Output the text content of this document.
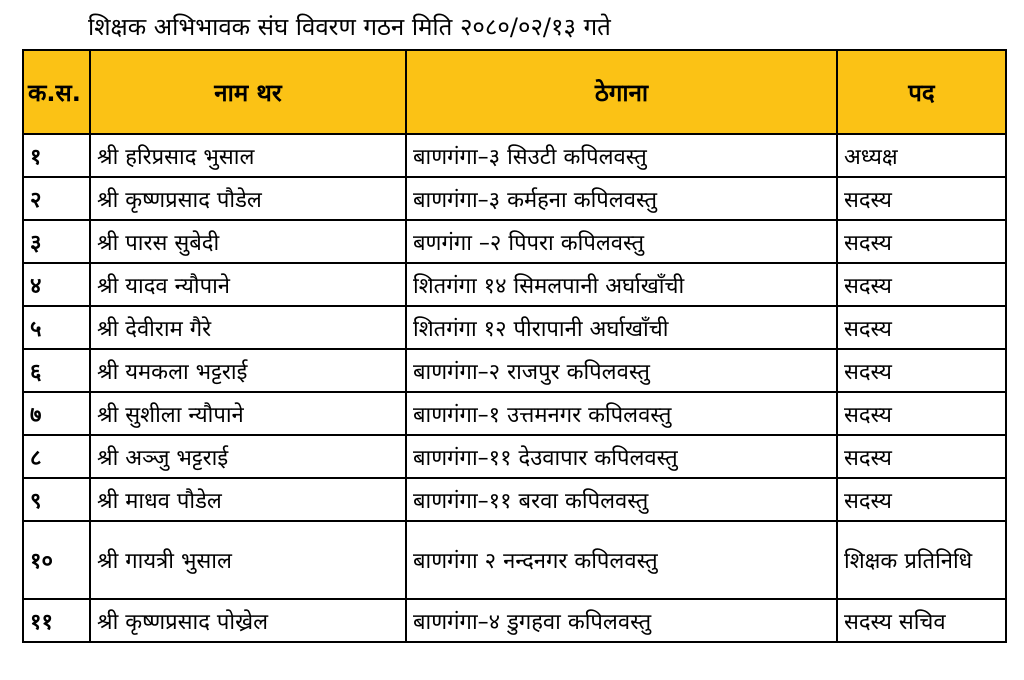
शिक्षक अभिभावक संघ विवरण गठन मिति २०८०/०२/१३ गते
क.स.	नाम थर	ठेगाना	पद
१	श्री हरिप्रसाद भुसाल	बाणगंगा–३ सिउटी कपिलवस्तु	अध्यक्ष
२	श्री कृष्णप्रसाद पौडेल	बाणगंगा–३ कर्महना कपिलवस्तु	सदस्य
३	श्री पारस सुबेदी	बणगंगा –२ पिपरा कपिलवस्तु	सदस्य
४	श्री यादव न्यौपाने	शितगंगा १४ सिमलपानी अर्घाखाँची	सदस्य
५	श्री देवीराम गैरे	शितगंगा १२ पीरापानी अर्घाखाँची	सदस्य
६	श्री यमकला भट्टराई	बाणगंगा–२ राजपुर कपिलवस्तु	सदस्य
७	श्री सुशीला न्यौपाने	बाणगंगा–१ उत्तमनगर कपिलवस्तु	सदस्य
८	श्री अञ्जु भट्टराई	बाणगंगा–११ देउवापार कपिलवस्तु	सदस्य
९	श्री माधव पौडेल	बाणगंगा–११ बरवा कपिलवस्तु	सदस्य
१०	श्री गायत्री भुसाल	बाणगंगा २ नन्दनगर कपिलवस्तु	शिक्षक प्रतिनिधि
११	श्री कृष्णप्रसाद पोख्रेल	बाणगंगा–४ डुगहवा कपिलवस्तु	सदस्य सचिव
